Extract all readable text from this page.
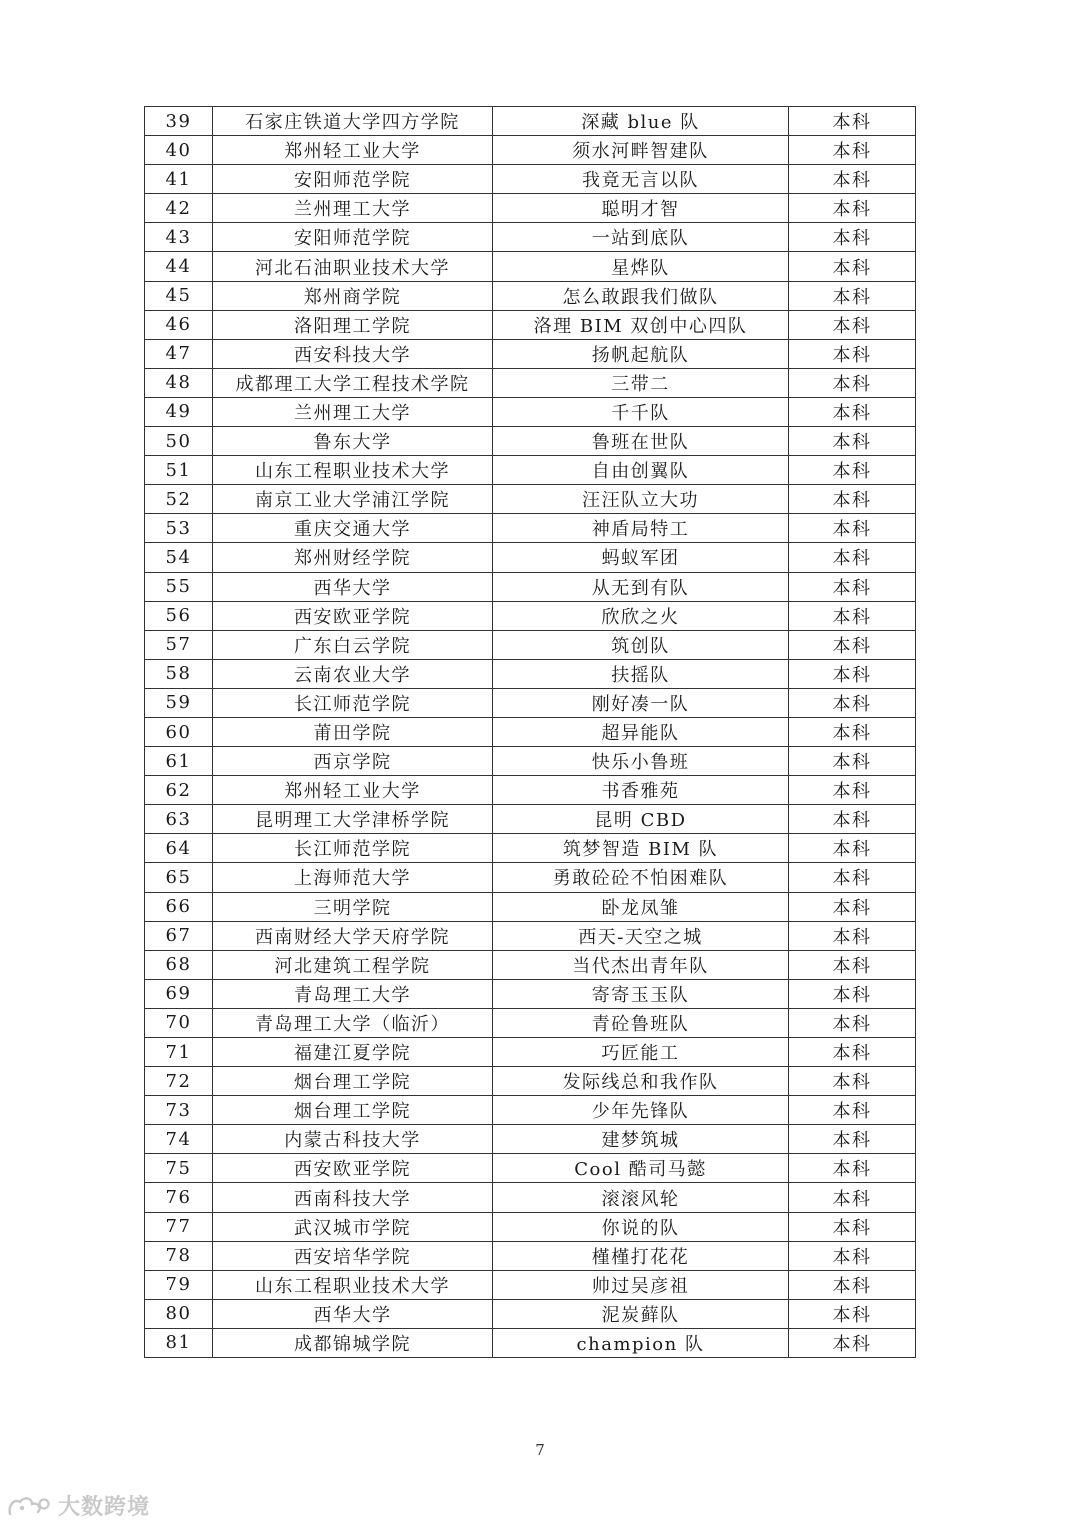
39	石家庄铁道大学四方学院	深藏 blue 队	本科
40	郑州轻工业大学	须水河畔智建队	本科
41	安阳师范学院	我竟无言以队	本科
42	兰州理工大学	聪明才智	本科
43	安阳师范学院	一站到底队	本科
44	河北石油职业技术大学	星烨队	本科
45	郑州商学院	怎么敢跟我们做队	本科
46	洛阳理工学院	洛理 BIM 双创中心四队	本科
47	西安科技大学	扬帆起航队	本科
48	成都理工大学工程技术学院	三带二	本科
49	兰州理工大学	千千队	本科
50	鲁东大学	鲁班在世队	本科
51	山东工程职业技术大学	自由创翼队	本科
52	南京工业大学浦江学院	汪汪队立大功	本科
53	重庆交通大学	神盾局特工	本科
54	郑州财经学院	蚂蚁军团	本科
55	西华大学	从无到有队	本科
56	西安欧亚学院	欣欣之火	本科
57	广东白云学院	筑创队	本科
58	云南农业大学	扶摇队	本科
59	长江师范学院	刚好凑一队	本科
60	莆田学院	超异能队	本科
61	西京学院	快乐小鲁班	本科
62	郑州轻工业大学	书香雅苑	本科
63	昆明理工大学津桥学院	昆明 CBD	本科
64	长江师范学院	筑梦智造 BIM 队	本科
65	上海师范大学	勇敢砼砼不怕困难队	本科
66	三明学院	卧龙凤雏	本科
67	西南财经大学天府学院	西天-天空之城	本科
68	河北建筑工程学院	当代杰出青年队	本科
69	青岛理工大学	寄寄玉玉队	本科
70	青岛理工大学（临沂）	青砼鲁班队	本科
71	福建江夏学院	巧匠能工	本科
72	烟台理工学院	发际线总和我作队	本科
73	烟台理工学院	少年先锋队	本科
74	内蒙古科技大学	建梦筑城	本科
75	西安欧亚学院	Cool 酷司马懿	本科
76	西南科技大学	滚滚风轮	本科
77	武汉城市学院	你说的队	本科
78	西安培华学院	槿槿打花花	本科
79	山东工程职业技术大学	帅过吴彦祖	本科
80	西华大学	泥炭藓队	本科
81	成都锦城学院	champion 队	本科
7
大数跨境
